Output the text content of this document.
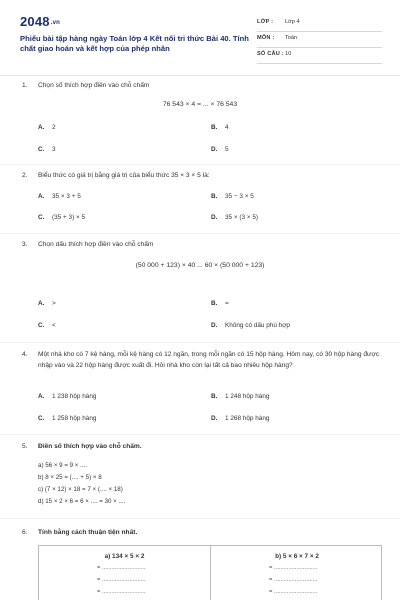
2048.vn
Phiếu bài tập hàng ngày Toán lớp 4 Kết nối tri thức Bài 40. Tính chất giao hoán và kết hợp của phép nhân
LỚP : Lớp 4
MÔN : Toán
SỐ CÂU : 10
1. Chọn số thích hợp điền vào chỗ chấm
76 543 × 4 = ... × 76 543
A. 2	B. 4
C. 3	D. 5
2. Biểu thức có giá trị bằng giá trị của biểu thức 35 × 3 × 5 là:
A. 35 × 3 + 5	B. 35 − 3 × 5
C. (35 + 3) × 5	D. 35 × (3 × 5)
3. Chọn dấu thích hợp điền vào chỗ chấm
(50 000 + 123) × 40 ... 60 × (50 000 + 123)
A. >	B. =
C. <	D. Không có dấu phù hợp
4. Một nhà kho có 7 kệ hàng, mỗi kệ hàng có 12 ngăn, trong mỗi ngăn có 15 hộp hàng. Hôm nay, có 30 hộp hàng được nhập vào và 22 hộp hàng được xuất đi. Hỏi nhà kho còn lại tất cả bao nhiêu hộp hàng?
A. 1 238 hộp hàng	B. 1 248 hộp hàng
C. 1 258 hộp hàng	D. 1 268 hộp hàng
5. Điền số thích hợp vào chỗ chấm.
a) 56 × 9 = 9 × ....
b) 8 × 25 = (.... + 5) × 8
c) (7 × 12) × 18 = 7 × (.... × 18)
d) 15 × 2 × 6 = 6 × .... = 30 × ....
6. Tính bằng cách thuận tiện nhất.
a) 134 × 5 × 2
= ...........................
= ...........................
= ...........................
b) 5 × 6 × 7 × 2
= ...........................
= ...........................
= ...........................
